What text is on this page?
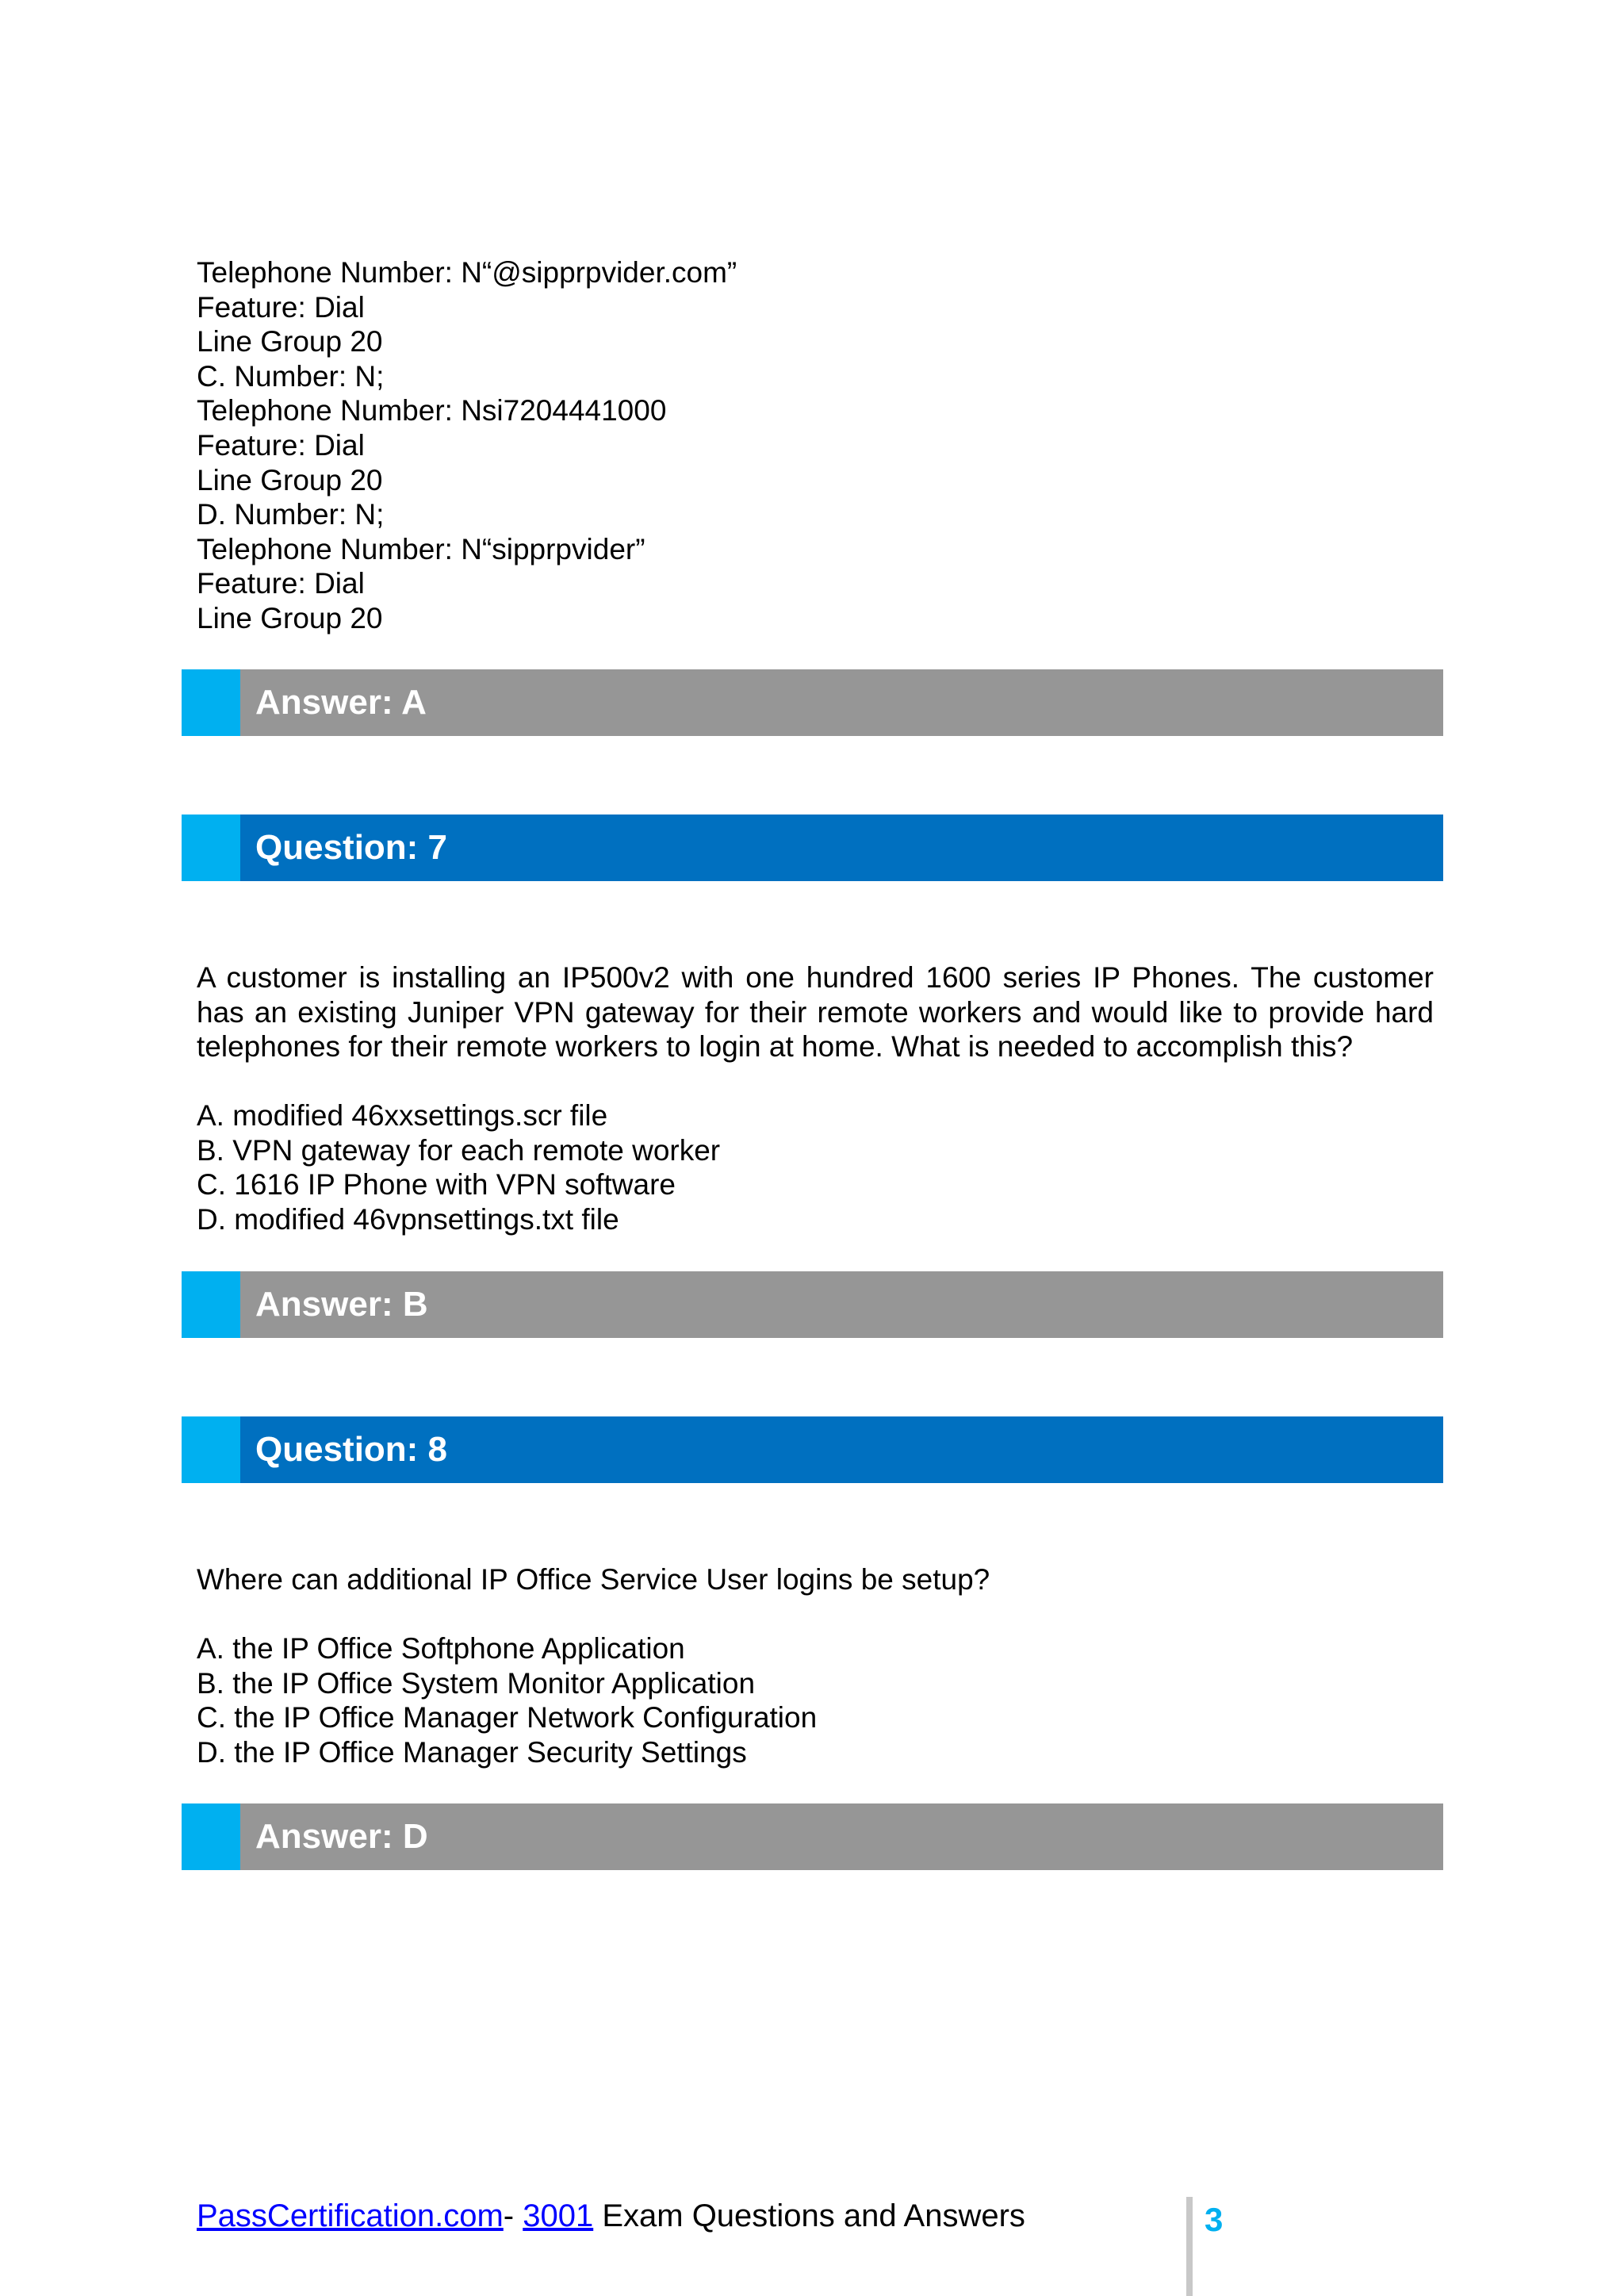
Telephone Number: N“@sipprpvider.com”
Feature: Dial
Line Group 20
C. Number: N;
Telephone Number: Nsi7204441000
Feature: Dial
Line Group 20
D. Number: N;
Telephone Number: N“sipprpvider”
Feature: Dial
Line Group 20
Answer: A
Question: 7

A customer is installing an IP500v2 with one hundred 1600 series IP Phones. The customer has an existing Juniper VPN gateway for their remote workers and would like to provide hard telephones for their remote workers to login at home. What is needed to accomplish this?

A. modified 46xxsettings.scr file
B. VPN gateway for each remote worker
C. 1616 IP Phone with VPN software
D. modified 46vpnsettings.txt file
Answer: B
Question: 8

Where can additional IP Office Service User logins be setup?

A. the IP Office Softphone Application
B. the IP Office System Monitor Application
C. the IP Office Manager Network Configuration
D. the IP Office Manager Security Settings
Answer: D
PassCertification.com- 3001 Exam Questions and Answers	3
